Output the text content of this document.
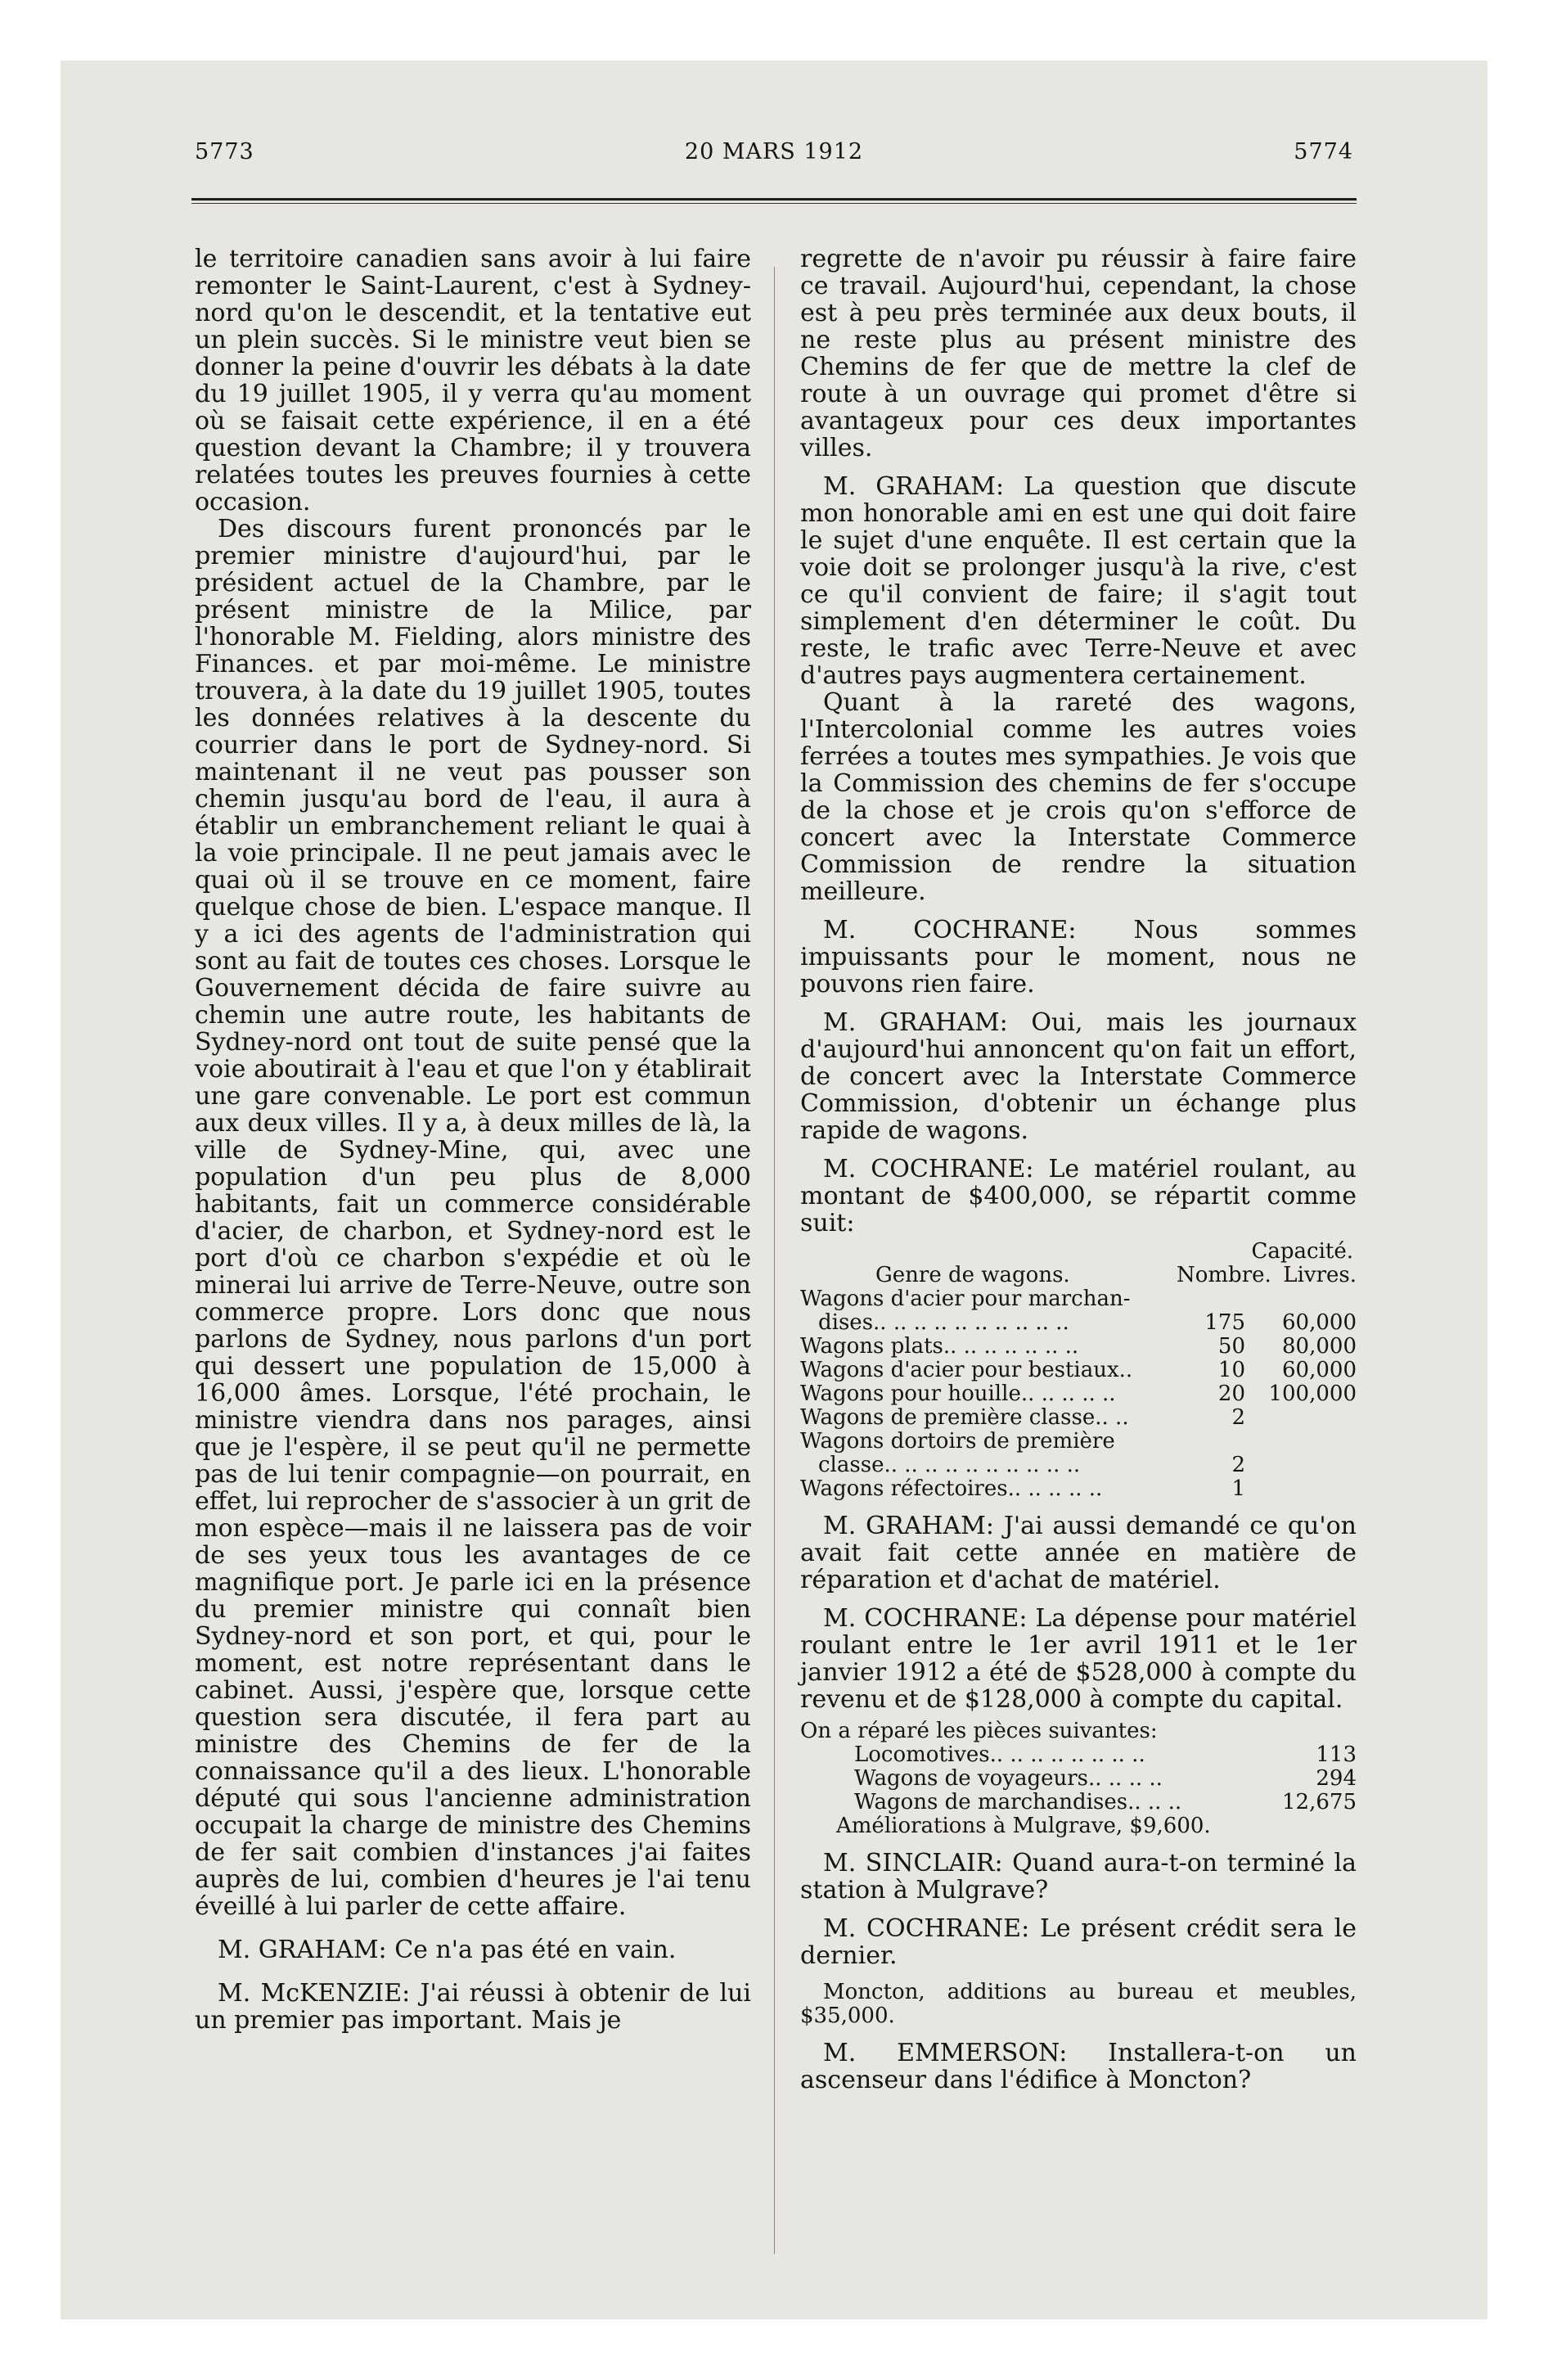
5773	20 MARS 1912	5774

le territoire canadien sans avoir à lui faire remonter le Saint-Laurent, c'est à Sydney-nord qu'on le descendit, et la tentative eut un plein succès. Si le ministre veut bien se donner la peine d'ouvrir les débats à la date du 19 juillet 1905, il y verra qu'au moment où se faisait cette expérience, il en a été question devant la Chambre; il y trouvera relatées toutes les preuves fournies à cette occasion.

Des discours furent prononcés par le premier ministre d'aujourd'hui, par le président actuel de la Chambre, par le présent ministre de la Milice, par l'honorable M. Fielding, alors ministre des Finances. et par moi-même. Le ministre trouvera, à la date du 19 juillet 1905, toutes les données relatives à la descente du courrier dans le port de Sydney-nord. Si maintenant il ne veut pas pousser son chemin jusqu'au bord de l'eau, il aura à établir un embranchement reliant le quai à la voie principale. Il ne peut jamais avec le quai où il se trouve en ce moment, faire quelque chose de bien. L'espace manque. Il y a ici des agents de l'administration qui sont au fait de toutes ces choses. Lorsque le Gouvernement décida de faire suivre au chemin une autre route, les habitants de Sydney-nord ont tout de suite pensé que la voie aboutirait à l'eau et que l'on y établirait une gare convenable. Le port est commun aux deux villes. Il y a, à deux milles de là, la ville de Sydney-Mine, qui, avec une population d'un peu plus de 8,000 habitants, fait un commerce considérable d'acier, de charbon, et Sydney-nord est le port d'où ce charbon s'expédie et où le minerai lui arrive de Terre-Neuve, outre son commerce propre. Lors donc que nous parlons de Sydney, nous parlons d'un port qui dessert une population de 15,000 à 16,000 âmes. Lorsque, l'été prochain, le ministre viendra dans nos parages, ainsi que je l'espère, il se peut qu'il ne permette pas de lui tenir compagnie—on pourrait, en effet, lui reprocher de s'associer à un grit de mon espèce—mais il ne laissera pas de voir de ses yeux tous les avantages de ce magnifique port. Je parle ici en la présence du premier ministre qui connaît bien Sydney-nord et son port, et qui, pour le moment, est notre représentant dans le cabinet. Aussi, j'espère que, lorsque cette question sera discutée, il fera part au ministre des Chemins de fer de la connaissance qu'il a des lieux. L'honorable député qui sous l'ancienne administration occupait la charge de ministre des Chemins de fer sait combien d'instances j'ai faites auprès de lui, combien d'heures je l'ai tenu éveillé à lui parler de cette affaire.

M. GRAHAM: Ce n'a pas été en vain.

M. McKENZIE: J'ai réussi à obtenir de lui un premier pas important. Mais je

regrette de n'avoir pu réussir à faire faire ce travail. Aujourd'hui, cependant, la chose est à peu près terminée aux deux bouts, il ne reste plus au présent ministre des Chemins de fer que de mettre la clef de route à un ouvrage qui promet d'être si avantageux pour ces deux importantes villes.

M. GRAHAM: La question que discute mon honorable ami en est une qui doit faire le sujet d'une enquête. Il est certain que la voie doit se prolonger jusqu'à la rive, c'est ce qu'il convient de faire; il s'agit tout simplement d'en déterminer le coût. Du reste, le trafic avec Terre-Neuve et avec d'autres pays augmentera certainement.

Quant à la rareté des wagons, l'Intercolonial comme les autres voies ferrées a toutes mes sympathies. Je vois que la Commission des chemins de fer s'occupe de la chose et je crois qu'on s'efforce de concert avec la Interstate Commerce Commission de rendre la situation meilleure.

M. COCHRANE: Nous sommes impuissants pour le moment, nous ne pouvons rien faire.

M. GRAHAM: Oui, mais les journaux d'aujourd'hui annoncent qu'on fait un effort, de concert avec la Interstate Commerce Commission, d'obtenir un échange plus rapide de wagons.

M. COCHRANE: Le matériel roulant, au montant de $400,000, se répartit comme suit:

Capacité.
Genre de wagons.	Nombre. Livres.
Wagons d'acier pour marchan-
dises.. .. .. .. .. .. .. .. .. ..	175	60,000
Wagons plats.. .. .. .. .. .. ..	50	80,000
Wagons d'acier pour bestiaux..	10	60,000
Wagons pour houille.. .. .. .. ..	20	100,000
Wagons de première classe.. ..	2
Wagons dortoirs de première
classe.. .. .. .. .. .. .. .. .. ..	2
Wagons réfectoires.. .. .. .. ..	1

M. GRAHAM: J'ai aussi demandé ce qu'on avait fait cette année en matière de réparation et d'achat de matériel.

M. COCHRANE: La dépense pour matériel roulant entre le 1er avril 1911 et le 1er janvier 1912 a été de $528,000 à compte du revenu et de $128,000 à compte du capital.

On a réparé les pièces suivantes:
Locomotives.. .. .. .. .. .. .. ..	113
Wagons de voyageurs.. .. .. ..	294
Wagons de marchandises.. .. ..	12,675
Améliorations à Mulgrave, $9,600.

M. SINCLAIR: Quand aura-t-on terminé la station à Mulgrave?

M. COCHRANE: Le présent crédit sera le dernier.

Moncton, additions au bureau et meubles, $35,000.

M. EMMERSON: Installera-t-on un ascenseur dans l'édifice à Moncton?
